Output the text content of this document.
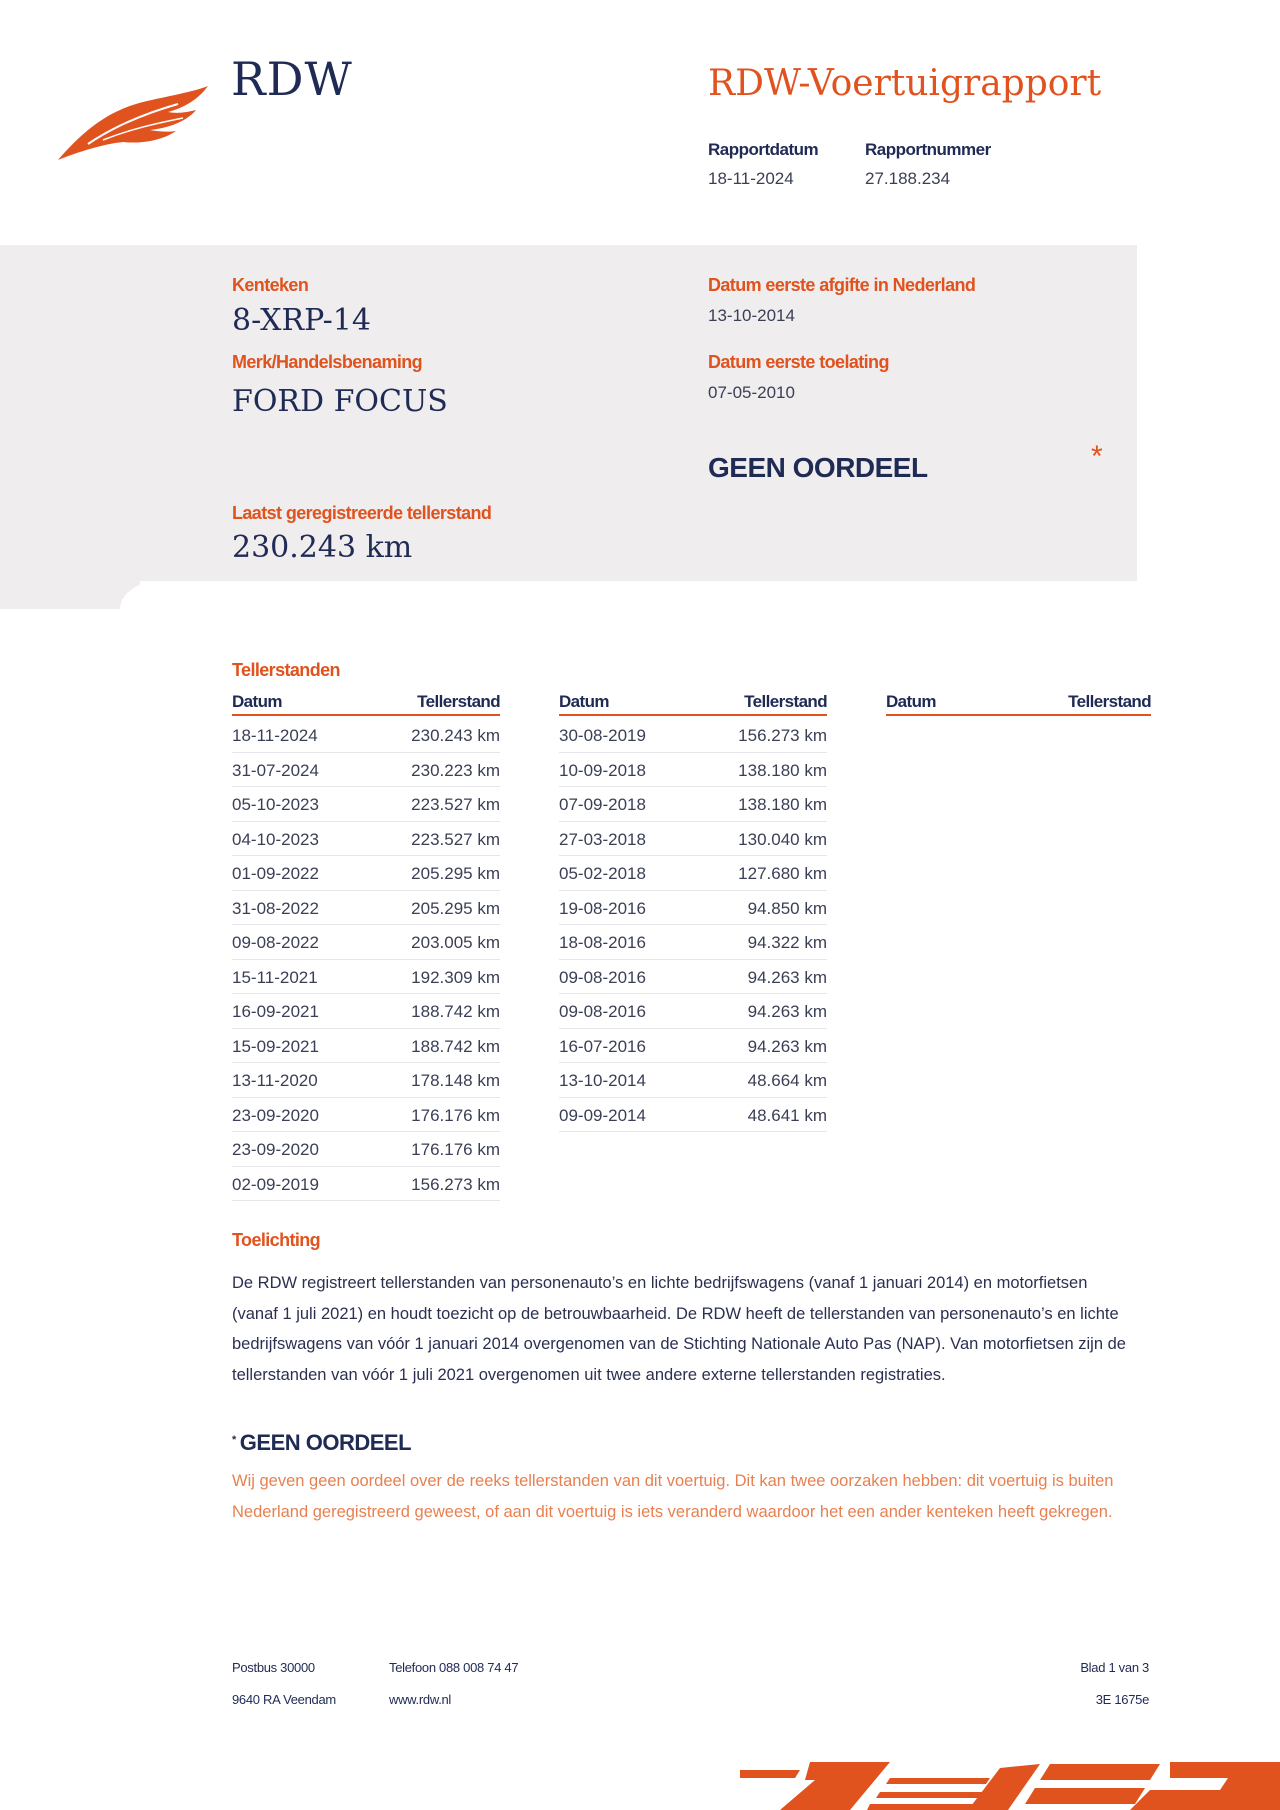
RDW	RDW-Voertuigrapport
Rapportdatum
18-11-2024
Rapportnummer
27.188.234
Kenteken
8-XRP-14
Merk/Handelsbenaming
FORD FOCUS
Datum eerste afgifte in Nederland
13-10-2014
Datum eerste toelating
07-05-2010
GEEN OORDEEL	*
Laatst geregistreerde tellerstand
230.243 km
Tellerstanden
Datum	Tellerstand	Datum	Tellerstand	Datum	Tellerstand
18-11-2024	230.243 km
31-07-2024	230.223 km
05-10-2023	223.527 km
04-10-2023	223.527 km
01-09-2022	205.295 km
31-08-2022	205.295 km
09-08-2022	203.005 km
15-11-2021	192.309 km
16-09-2021	188.742 km
15-09-2021	188.742 km
13-11-2020	178.148 km
23-09-2020	176.176 km
23-09-2020	176.176 km
02-09-2019	156.273 km
30-08-2019	156.273 km
10-09-2018	138.180 km
07-09-2018	138.180 km
27-03-2018	130.040 km
05-02-2018	127.680 km
19-08-2016	94.850 km
18-08-2016	94.322 km
09-08-2016	94.263 km
09-08-2016	94.263 km
16-07-2016	94.263 km
13-10-2014	48.664 km
09-09-2014	48.641 km
Toelichting
De RDW registreert tellerstanden van personenauto’s en lichte bedrijfswagens (vanaf 1 januari 2014) en motorfietsen (vanaf 1 juli 2021) en houdt toezicht op de betrouwbaarheid. De RDW heeft de tellerstanden van personenauto’s en lichte bedrijfswagens van vóór 1 januari 2014 overgenomen van de Stichting Nationale Auto Pas (NAP). Van motorfietsen zijn de tellerstanden van vóór 1 juli 2021 overgenomen uit twee andere externe tellerstanden registraties.
* GEEN OORDEEL
Wij geven geen oordeel over de reeks tellerstanden van dit voertuig. Dit kan twee oorzaken hebben: dit voertuig is buiten Nederland geregistreerd geweest, of aan dit voertuig is iets veranderd waardoor het een ander kenteken heeft gekregen.
Postbus 30000
9640 RA Veendam
Telefoon 088 008 74 47
www.rdw.nl
Blad 1 van 3
3E 1675e
